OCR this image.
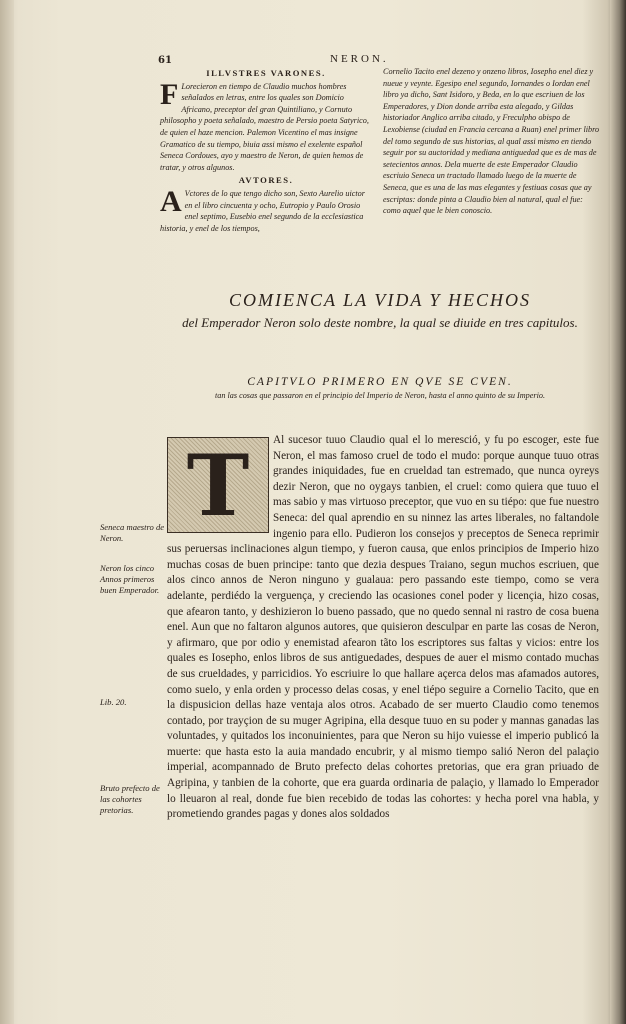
61	NERON.
ILLVSTRES VARONES.

F Lorecieron en tiempo de Claudio muchos hombres señalados en letras, entre los quales son Domicio Africano, preceptor del gran Quintiliano, y Cornuto philosopho y poeta señalado, maestro de Persio poeta Satyrico, de quien el haze mencion. Palemon Vicentino el mas insigne Gramatico de su tiempo, biuia assi mismo el exelente español Seneca Cordoues, ayo y maestro de Neron, de quien hemos de tratar, y otros algunos.

AVTORES.

A Vctores de lo que tengo dicho son, Sexto Aurelio uictor en el libro cincuenta y ocho, Eutropio y Paulo Orosio enel septimo, Eusebio enel segundo de la ecclesiastica historia, y enel de los tiempos,

Cornelio Tacito enel dezeno y onzeno libros, Iosepho enel diez y nueue y veynte. Egesipo enel segundo, Iornandes o Iordan enel libro ya dicho, Sant Isidoro, y Beda, en lo que escriuen de los Emperadores, y Dion donde arriba esta alegado, y Gildas historiador Anglico arriba citado, y Freculpho obispo de Lexobiense (ciudad en Francia cercana a Ruan) enel primer libro del tomo segundo de sus historias, al qual assi mismo en tiendo seguir por su auctoridad y mediana antiguedad que es de mas de setecientos annos. Dela muerte de este Emperador Claudio escriuio Seneca un tractado llamado luego de la muerte de Seneca, que es una de las mas elegantes y festiuas cosas que ay escriptas: donde pinta a Claudio bien al natural, qual el fue: como aquel que le bien conoscio.

COMIENCA LA VIDA Y HECHOS
del Emperador Neron solo deste nombre, la qual se diuide en tres capitulos.
CAPITVLO PRIMERO EN QVE SE CVEN.
tan las cosas que passaron en el principio del Imperio de Neron, hasta el anno quinto de su Imperio.
T	Al sucesor tuuo Claudio qual el lo meresció, y fu po escoger, este fue Neron, el mas famoso cruel de todo el mudo: porque aunque tuuo otras grandes iniquidades, fue en crueldad tan estremado, que nunca oyreys dezir Neron, que no oygays tanbien, el cruel: como quiera que tuuo el mas sabio y mas virtuoso preceptor, que vuo en su tiépo: que fue nuestro Seneca: del qual aprendio en su ninnez las artes liberales, no faltandole ingenio para ello. Pudieron los consejos y preceptos de Seneca reprimir sus peruersas inclinaciones algun tiempo, y fueron causa, que enlos principios de Imperio hizo muchas cosas de buen principe: tanto que dezia despues Traiano, segun muchos escriuen, que alos cinco annos de Neron ninguno y gualaua: pero passando este tiempo, como se vera adelante, perdiédo la verguença, y creciendo las ocasiones conel poder y licençia, hizo cosas, que afearon tanto, y deshizieron lo bueno passado, que no quedo sennal ni rastro de cosa buena enel. Aun que no faltaron algunos autores, que quisieron desculpar en parte las cosas de Neron, y afirmaro, que por odio y enemistad afearon tãto los escriptores sus faltas y vicios: entre los quales es Iosepho, enlos libros de sus antiguedades, despues de auer el mismo contado muchas de sus crueldades, y parricidios. Yo escriuire lo que hallare açerca delos mas afamados autores, como suelo, y enla orden y processo delas cosas, y enel tiépo seguire a Cornelio Tacito, que en la dispusicion dellas haze ventaja alos otros. Acabado de ser muerto Claudio como tenemos contado, por trayçion de su muger Agripina, ella desque tuuo en su poder y mannas ganadas las voluntades, y quitados los inconuinientes, para que Neron su hijo vuiesse el imperio publicó la muerte: que hasta esto la auia mandado encubrir, y al mismo tiempo salió Neron del palaçio imperial, acompannado de Bruto prefecto delas cohortes pretorias, que era gran priuado de Agripina, y tanbien de la cohorte, que era guarda ordinaria de palaçio, y llamado lo Emperador lo lleuaron al real, donde fue bien recebido de todas las cohortes: y hecha porel vna habla, y prometiendo grandes pagas y dones alos soldados

Seneca maestro de Neron.
Neron los cinco Annos primeros buen Emperador.
Lib. 20.
Bruto prefecto de las cohortes pretorias.
